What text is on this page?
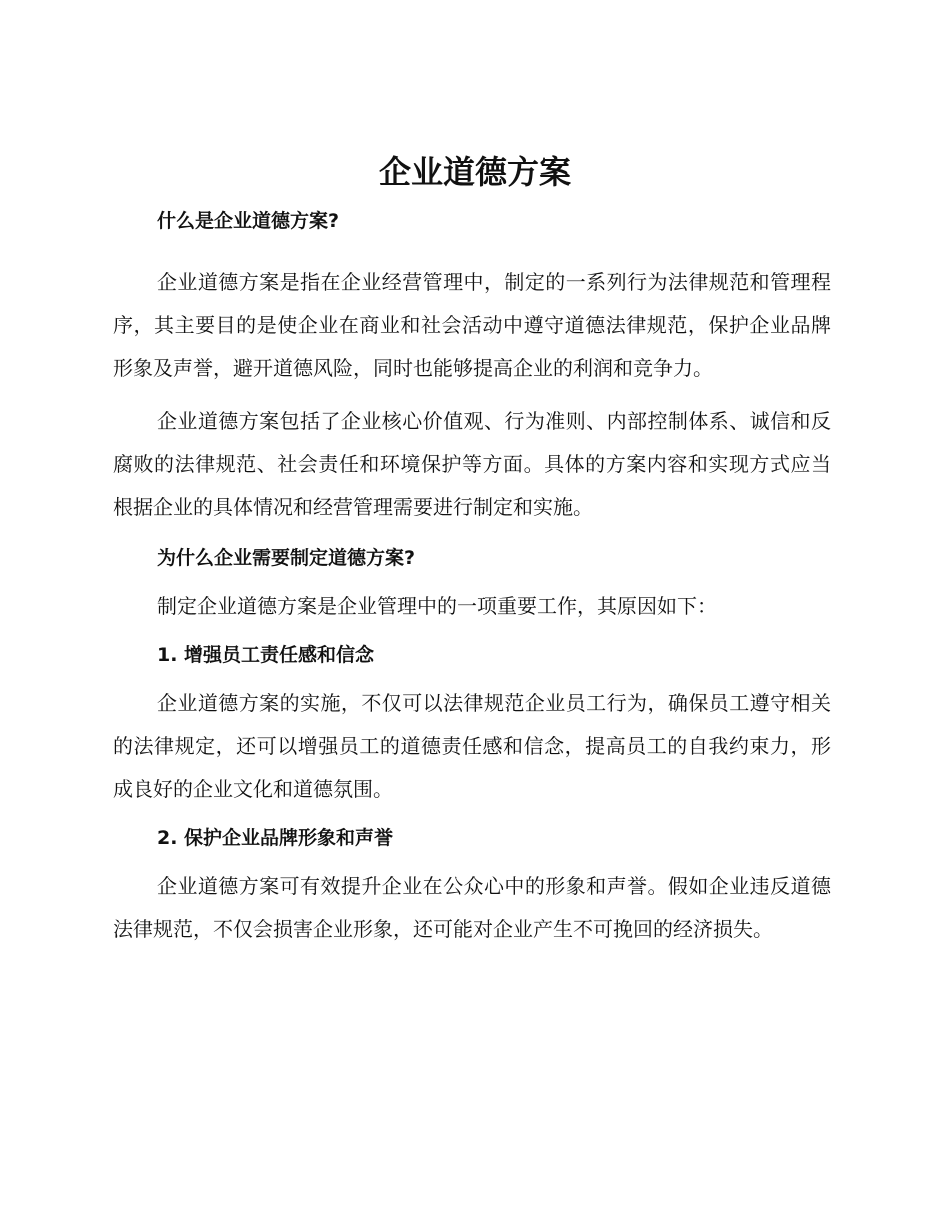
企业道德方案

什么是企业道德方案?

企业道德方案是指在企业经营管理中，制定的一系列行为法律规范和管理程序，其主要目的是使企业在商业和社会活动中遵守道德法律规范，保护企业品牌形象及声誉，避开道德风险，同时也能够提高企业的利润和竞争力。

企业道德方案包括了企业核心价值观、行为准则、内部控制体系、诚信和反腐败的法律规范、社会责任和环境保护等方面。具体的方案内容和实现方式应当根据企业的具体情况和经营管理需要进行制定和实施。

为什么企业需要制定道德方案?

制定企业道德方案是企业管理中的一项重要工作，其原因如下：

1. 增强员工责任感和信念

企业道德方案的实施，不仅可以法律规范企业员工行为，确保员工遵守相关的法律规定，还可以增强员工的道德责任感和信念，提高员工的自我约束力，形成良好的企业文化和道德氛围。

2. 保护企业品牌形象和声誉

企业道德方案可有效提升企业在公众心中的形象和声誉。假如企业违反道德法律规范，不仅会损害企业形象，还可能对企业产生不可挽回的经济损失。
